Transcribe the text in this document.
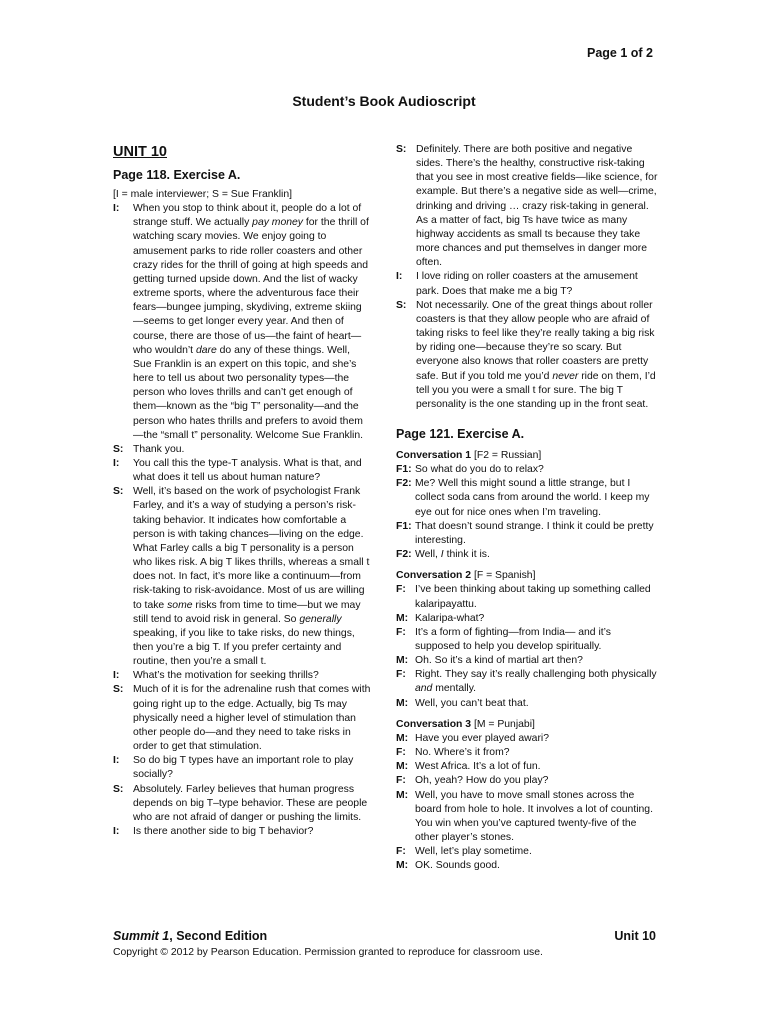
Page 1 of 2
Student’s Book Audioscript
UNIT 10
Page 118. Exercise A.
[I = male interviewer; S = Sue Franklin]
I:	When you stop to think about it, people do a lot of strange stuff. We actually pay money for the thrill of watching scary movies. We enjoy going to amusement parks to ride roller coasters and other crazy rides for the thrill of going at high speeds and getting turned upside down. And the list of wacky extreme sports, where the adventurous face their fears—bungee jumping, skydiving, extreme skiing—seems to get longer every year. And then of course, there are those of us—the faint of heart—who wouldn’t dare do any of these things. Well, Sue Franklin is an expert on this topic, and she’s here to tell us about two personality types—the person who loves thrills and can’t get enough of them—known as the “big T” personality—and the person who hates thrills and prefers to avoid them—the “small t” personality. Welcome Sue Franklin.
S: Thank you.
I:	You call this the type-T analysis. What is that, and what does it tell us about human nature?
S: Well, it’s based on the work of psychologist Frank Farley, and it’s a way of studying a person’s risk-taking behavior. It indicates how comfortable a person is with taking chances—living on the edge. What Farley calls a big T personality is a person who likes risk. A big T likes thrills, whereas a small t does not. In fact, it’s more like a continuum—from risk-taking to risk-avoidance. Most of us are willing to take some risks from time to time—but we may still tend to avoid risk in general. So generally speaking, if you like to take risks, do new things, then you’re a big T. If you prefer certainty and routine, then you’re a small t.
I:	What’s the motivation for seeking thrills?
S: Much of it is for the adrenaline rush that comes with going right up to the edge. Actually, big Ts may physically need a higher level of stimulation than other people do—and they need to take risks in order to get that stimulation.
I:	So do big T types have an important role to play socially?
S: Absolutely. Farley believes that human progress depends on big T–type behavior. These are people who are not afraid of danger or pushing the limits.
I:	Is there another side to big T behavior?
S: Definitely. There are both positive and negative sides. There’s the healthy, constructive risk-taking that you see in most creative fields—like science, for example. But there’s a negative side as well—crime, drinking and driving … crazy risk-taking in general. As a matter of fact, big Ts have twice as many highway accidents as small ts because they take more chances and put themselves in danger more often.
I:	I love riding on roller coasters at the amusement park. Does that make me a big T?
S: Not necessarily. One of the great things about roller coasters is that they allow people who are afraid of taking risks to feel like they’re really taking a big risk by riding one—because they’re so scary. But everyone also knows that roller coasters are pretty safe. But if you told me you’d never ride on them, I’d tell you you were a small t for sure. The big T personality is the one standing up in the front seat.
Page 121. Exercise A.
Conversation 1 [F2 = Russian]
F1: So what do you do to relax?
F2: Me? Well this might sound a little strange, but I collect soda cans from around the world. I keep my eye out for nice ones when I’m traveling.
F1: That doesn’t sound strange. I think it could be pretty interesting.
F2: Well, I think it is.
Conversation 2 [F = Spanish]
F: I’ve been thinking about taking up something called kalaripayattu.
M: Kalaripa-what?
F: It’s a form of fighting—from India— and it’s supposed to help you develop spiritually.
M: Oh. So it’s a kind of martial art then?
F: Right. They say it’s really challenging both physically and mentally.
M: Well, you can’t beat that.
Conversation 3 [M = Punjabi]
M: Have you ever played awari?
F: No. Where’s it from?
M: West Africa. It’s a lot of fun.
F: Oh, yeah? How do you play?
M: Well, you have to move small stones across the board from hole to hole. It involves a lot of counting. You win when you’ve captured twenty-five of the other player’s stones.
F: Well, let’s play sometime.
M: OK. Sounds good.
Summit 1, Second Edition	Unit 10
Copyright © 2012 by Pearson Education. Permission granted to reproduce for classroom use.
